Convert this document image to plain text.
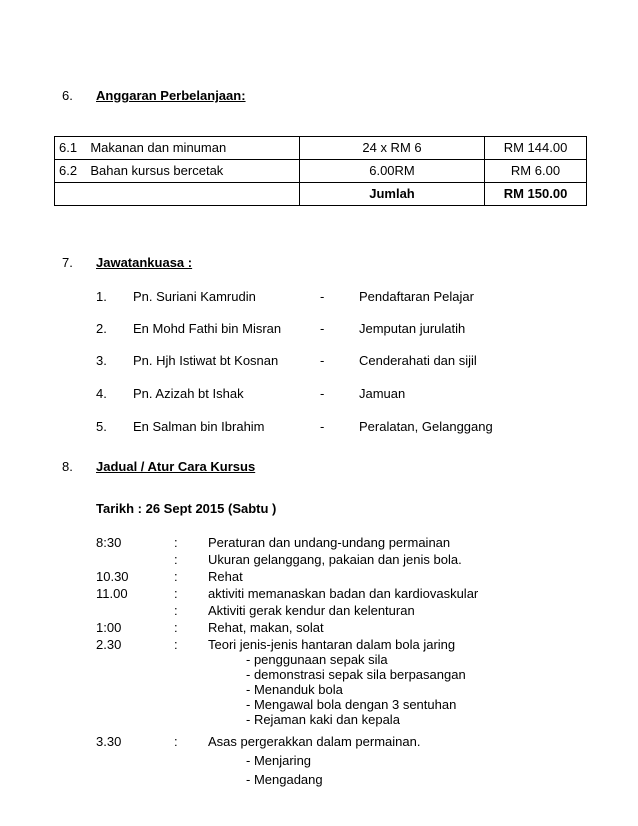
6. Anggaran Perbelanjaan:
6.1 Makanan dan minuman	24 x RM 6	RM 144.00
6.2 Bahan kursus bercetak	6.00RM	RM 6.00
	Jumlah	RM 150.00
7. Jawatankuasa :
1. Pn. Suriani Kamrudin	-	Pendaftaran Pelajar
2. En Mohd Fathi bin Misran	-	Jemputan jurulatih
3. Pn. Hjh Istiwat bt Kosnan	-	Cenderahati dan sijil
4. Pn. Azizah bt Ishak	-	Jamuan
5. En Salman bin Ibrahim	-	Peralatan, Gelanggang
8. Jadual / Atur Cara Kursus
Tarikh : 26 Sept 2015 (Sabtu )
8:30	: Peraturan dan undang-undang permainan
: Ukuran gelanggang, pakaian dan jenis bola.
10.30	: Rehat
11.00	: aktiviti memanaskan badan dan kardiovaskular
: Aktiviti gerak kendur dan kelenturan
1:00	: Rehat, makan, solat
2.30	: Teori jenis-jenis hantaran dalam bola jaring
- penggunaan sepak sila
- demonstrasi sepak sila berpasangan
- Menanduk bola
- Mengawal bola dengan 3 sentuhan
- Rejaman kaki dan kepala
3.30	: Asas pergerakkan dalam permainan.
- Menjaring
- Mengadang
